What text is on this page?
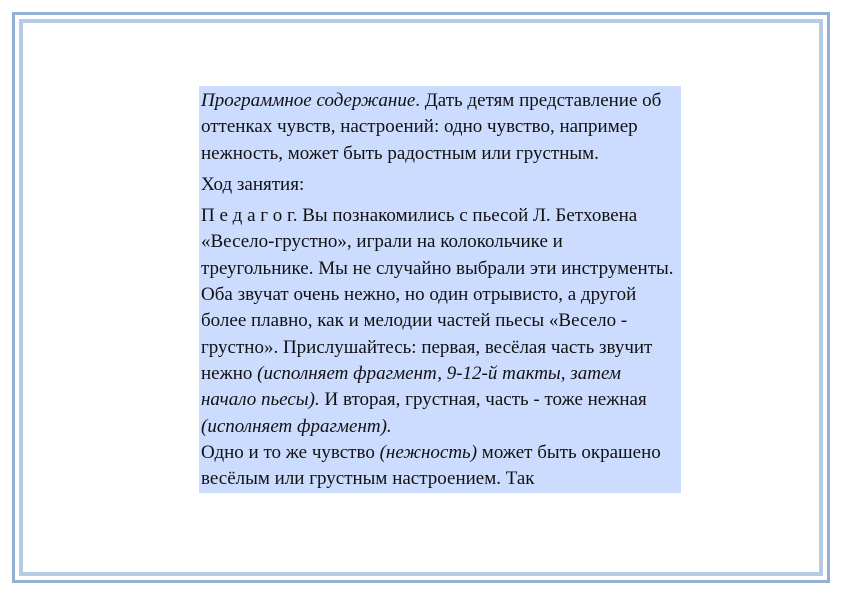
Программное содержание. Дать детям представление об оттенках чувств, настроений: одно чувство, например нежность, может быть радостным или грустным.

Ход занятия:

П е д а г о г. Вы познакомились с пьесой Л. Бетховена «Весело-грустно», играли на колокольчике и треугольнике. Мы не случайно выбрали эти инструменты. Оба звучат очень нежно, но один отрывисто, а другой более плавно, как и мелодии частей пьесы «Весело - грустно». Прислушайтесь: первая, весёлая часть звучит нежно (исполняет фрагмент, 9-12-й такты, затем начало пьесы). И вторая, грустная, часть - тоже нежная (исполняет фрагмент).

Одно и то же чувство (нежность) может быть окрашено весёлым или грустным настроением. Так
